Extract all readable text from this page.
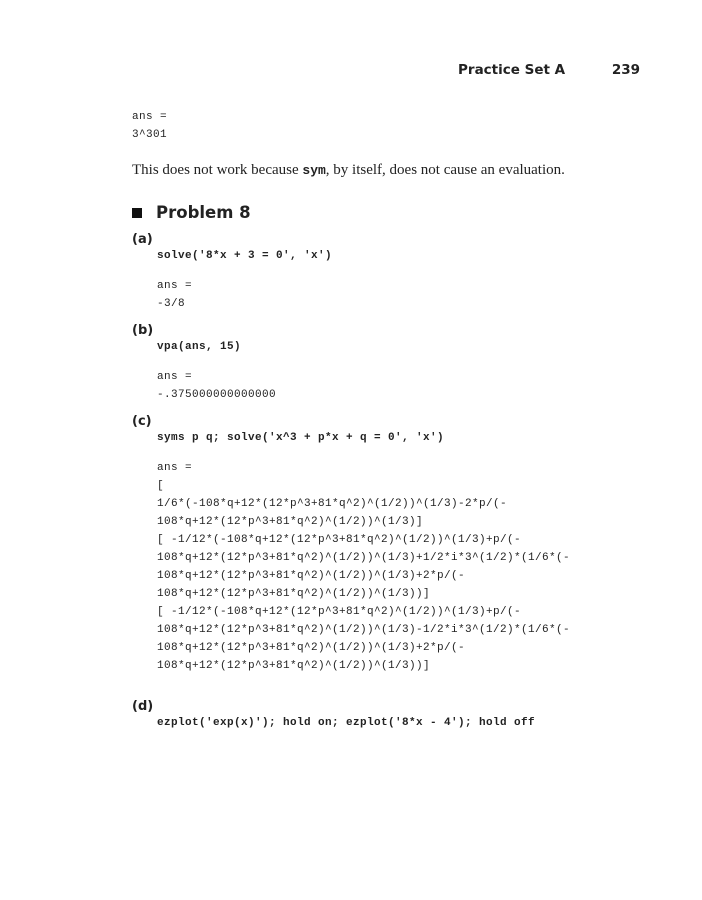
Practice Set A	239
ans =
3^301
This does not work because sym, by itself, does not cause an evaluation.
Problem 8
(a)
solve('8*x + 3 = 0', 'x')
ans =
-3/8
(b)
vpa(ans, 15)
ans =
-.375000000000000
(c)
syms p q; solve('x^3 + p*x + q = 0', 'x')
ans =
[
1/6*(-108*q+12*(12*p^3+81*q^2)^(1/2))^(1/3)-2*p/(-
108*q+12*(12*p^3+81*q^2)^(1/2))^(1/3)]
[ -1/12*(-108*q+12*(12*p^3+81*q^2)^(1/2))^(1/3)+p/(-
108*q+12*(12*p^3+81*q^2)^(1/2))^(1/3)+1/2*i*3^(1/2)*(1/6*(-
108*q+12*(12*p^3+81*q^2)^(1/2))^(1/3)+2*p/(-
108*q+12*(12*p^3+81*q^2)^(1/2))^(1/3))]
[ -1/12*(-108*q+12*(12*p^3+81*q^2)^(1/2))^(1/3)+p/(-
108*q+12*(12*p^3+81*q^2)^(1/2))^(1/3)-1/2*i*3^(1/2)*(1/6*(-
108*q+12*(12*p^3+81*q^2)^(1/2))^(1/3)+2*p/(-
108*q+12*(12*p^3+81*q^2)^(1/2))^(1/3))]
(d)
ezplot('exp(x)'); hold on; ezplot('8*x - 4'); hold off
